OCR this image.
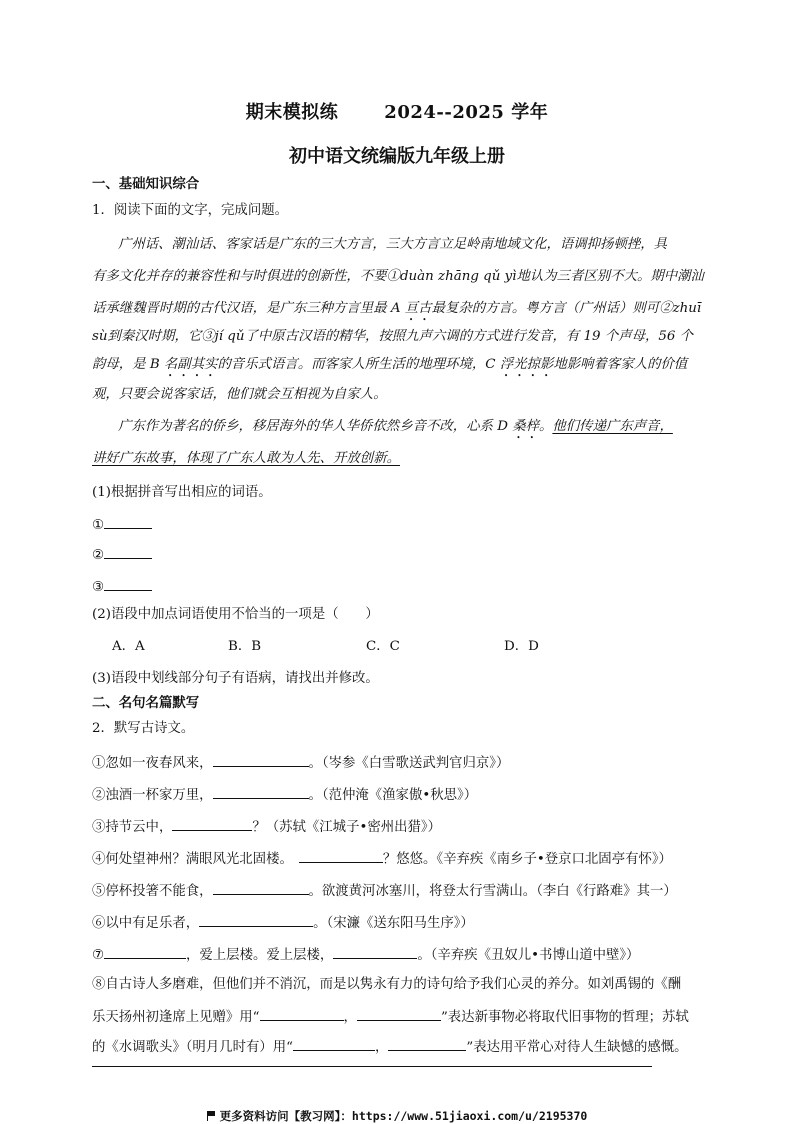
期末模拟练	2024--2025 学年
初中语文统编版九年级上册
一、基础知识综合
1．阅读下面的文字，完成问题。
广州话、潮汕话、客家话是广东的三大方言，三大方言立足岭南地域文化，语调抑扬顿挫，具
有多文化并存的兼容性和与时俱进的创新性，不要①duàn zhāng qǔ yì地认为三者区别不大。期中潮汕
话承继魏晋时期的古代汉语，是广东三种方言里最 A 亘古最复杂的方言。粤方言（广州话）则可②zhuī
sù到秦汉时期，它③jí qǔ了中原古汉语的精华，按照九声六调的方式进行发音，有 19 个声母，56 个
韵母，是 B 名副其实的音乐式语言。而客家人所生活的地理环境，C 浮光掠影地影响着客家人的价值
观，只要会说客家话，他们就会互相视为自家人。
广东作为著名的侨乡，移居海外的华人华侨依然乡音不改，心系 D 桑梓。他们传递广东声音，
讲好广东故事，体现了广东人敢为人先、开放创新。
(1)根据拼音写出相应的词语。
①
②
③
(2)语段中加点词语使用不恰当的一项是（　　）
A．A	B．B	C．C	D．D
(3)语段中划线部分句子有语病，请找出并修改。
二、名句名篇默写
2．默写古诗文。
①忽如一夜春风来，	。（岑参《白雪歌送武判官归京》）
②浊酒一杯家万里，	。（范仲淹《渔家傲•秋思》）
③持节云中，	？（苏轼《江城子•密州出猎》）
④何处望神州？满眼风光北固楼。	？悠悠。《辛弃疾《南乡子•登京口北固亭有怀》）
⑤停杯投箸不能食，	。欲渡黄河冰塞川，将登太行雪满山。（李白《行路难》其一）
⑥以中有足乐者，	。（宋濂《送东阳马生序》）
⑦	，爱上层楼。爱上层楼，	。（辛弃疾《丑奴儿•书博山道中壁》）
⑧自古诗人多磨难，但他们并不消沉，而是以隽永有力的诗句给予我们心灵的养分。如刘禹锡的《酬
乐天扬州初逢席上见赠》用“	，	”表达新事物必将取代旧事物的哲理；苏轼
的《水调歌头》（明月几时有）用“	，	”表达用平常心对待人生缺憾的感慨。
更多资料访问【教习网】：https://www.51jiaoxi.com/u/2195370
